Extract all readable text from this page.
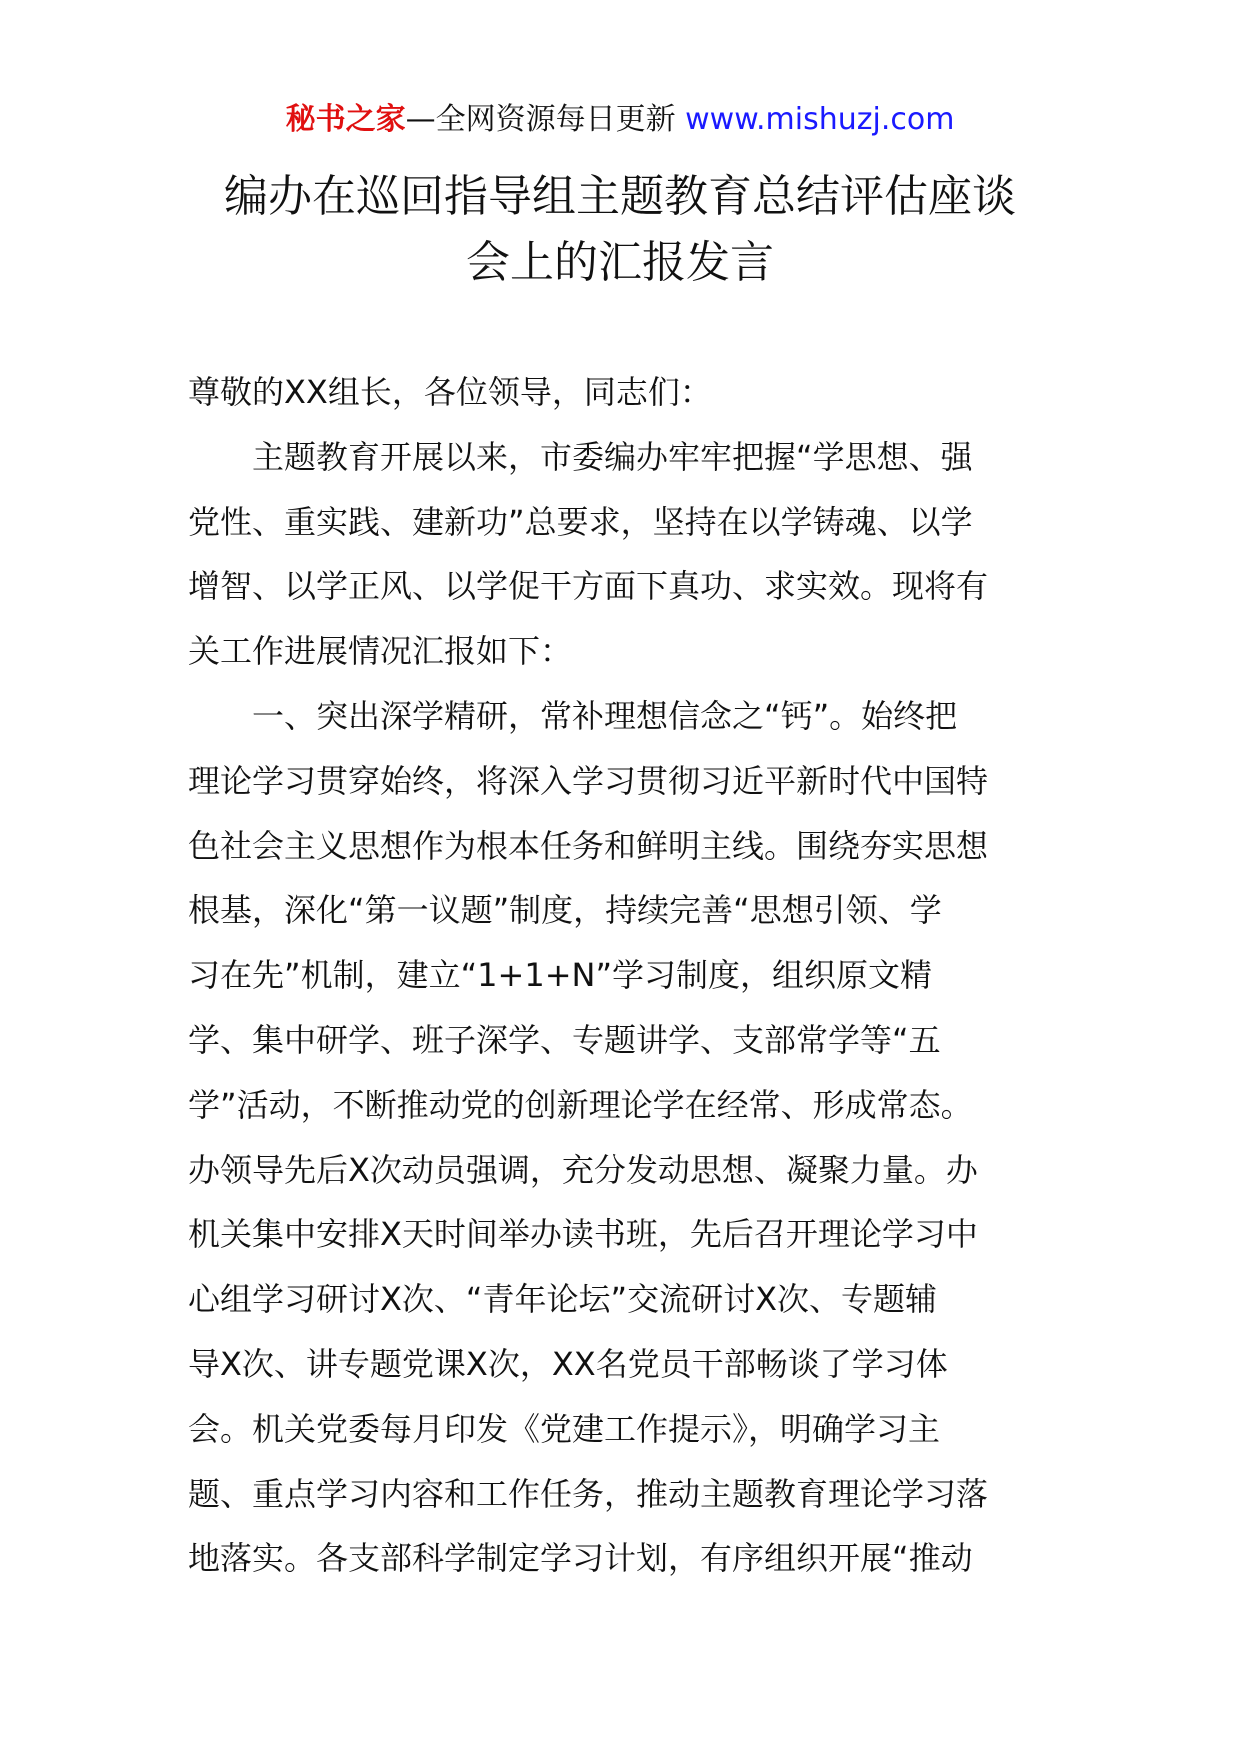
秘书之家—全网资源每日更新 www.mishuzj.com
编办在巡回指导组主题教育总结评估座谈
会上的汇报发言
尊敬的XX组长，各位领导，同志们：
　　主题教育开展以来，市委编办牢牢把握“学思想、强
党性、重实践、建新功”总要求，坚持在以学铸魂、以学
增智、以学正风、以学促干方面下真功、求实效。现将有
关工作进展情况汇报如下：
　　一、突出深学精研，常补理想信念之“钙”。始终把
理论学习贯穿始终，将深入学习贯彻习近平新时代中国特
色社会主义思想作为根本任务和鲜明主线。围绕夯实思想
根基，深化“第一议题”制度，持续完善“思想引领、学
习在先”机制，建立“1+1+N”学习制度，组织原文精
学、集中研学、班子深学、专题讲学、支部常学等“五
学”活动，不断推动党的创新理论学在经常、形成常态。
办领导先后X次动员强调，充分发动思想、凝聚力量。办
机关集中安排X天时间举办读书班，先后召开理论学习中
心组学习研讨X次、“青年论坛”交流研讨X次、专题辅
导X次、讲专题党课X次，XX名党员干部畅谈了学习体
会。机关党委每月印发《党建工作提示》，明确学习主
题、重点学习内容和工作任务，推动主题教育理论学习落
地落实。各支部科学制定学习计划，有序组织开展“推动
